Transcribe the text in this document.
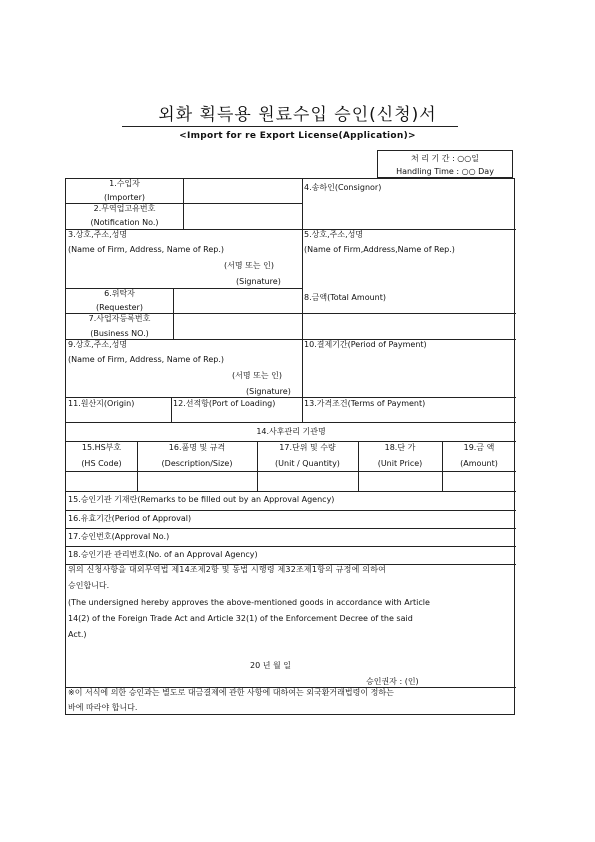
외화 획득용 원료수입 승인(신청)서
<Import for re Export License(Application)>
처 리 기 간 : ○○일
Handling Time : ○○ Day
1.수입자
(Importer)
2.무역업고유번호
(Notification No.)
4.송하인(Consignor)
3.상호,주소,성명
(Name of Firm, Address, Name of Rep.)
(서명 또는 인)
(Signature)
5.상호,주소,성명
(Name of Firm,Address,Name of Rep.)
6.위탁자
(Requester)
7.사업자등록번호
(Business NO.)
8.금액(Total Amount)
9.상호,주소,성명
(Name of Firm, Address, Name of Rep.)
(서명 또는 인)
(Signature)
10.결제기간(Period of Payment)
11.원산지(Origin)	12.선적항(Port of Loading)	13.가격조건(Terms of Payment)
14.사후관리 기관명
15.HS부호
(HS Code)
16.품명 및 규격
(Description/Size)
17.단위 및 수량
(Unit / Quantity)
18.단 가
(Unit Price)
19.금 액
(Amount)
15.승인기관 기재란(Remarks to be filled out by an Approval Agency)
16.유효기간(Period of Approval)
17.승인번호(Approval No.)
18.승인기관 관리번호(No. of an Approval Agency)
위의 신청사항을 대외무역법 제14조제2항 및 동법 시행령 제32조제1항의 규정에 의하여
승인합니다.
(The undersigned hereby approves the above-mentioned goods in accordance with Article
14(2) of the Foreign Trade Act and Article 32(1) of the Enforcement Decree of the said
Act.)
20 년 월 일
승인권자 : (인)
※이 서식에 의한 승인과는 별도로 대금결제에 관한 사항에 대하여는 외국환거래법령이 정하는
바에 따라야 합니다.
